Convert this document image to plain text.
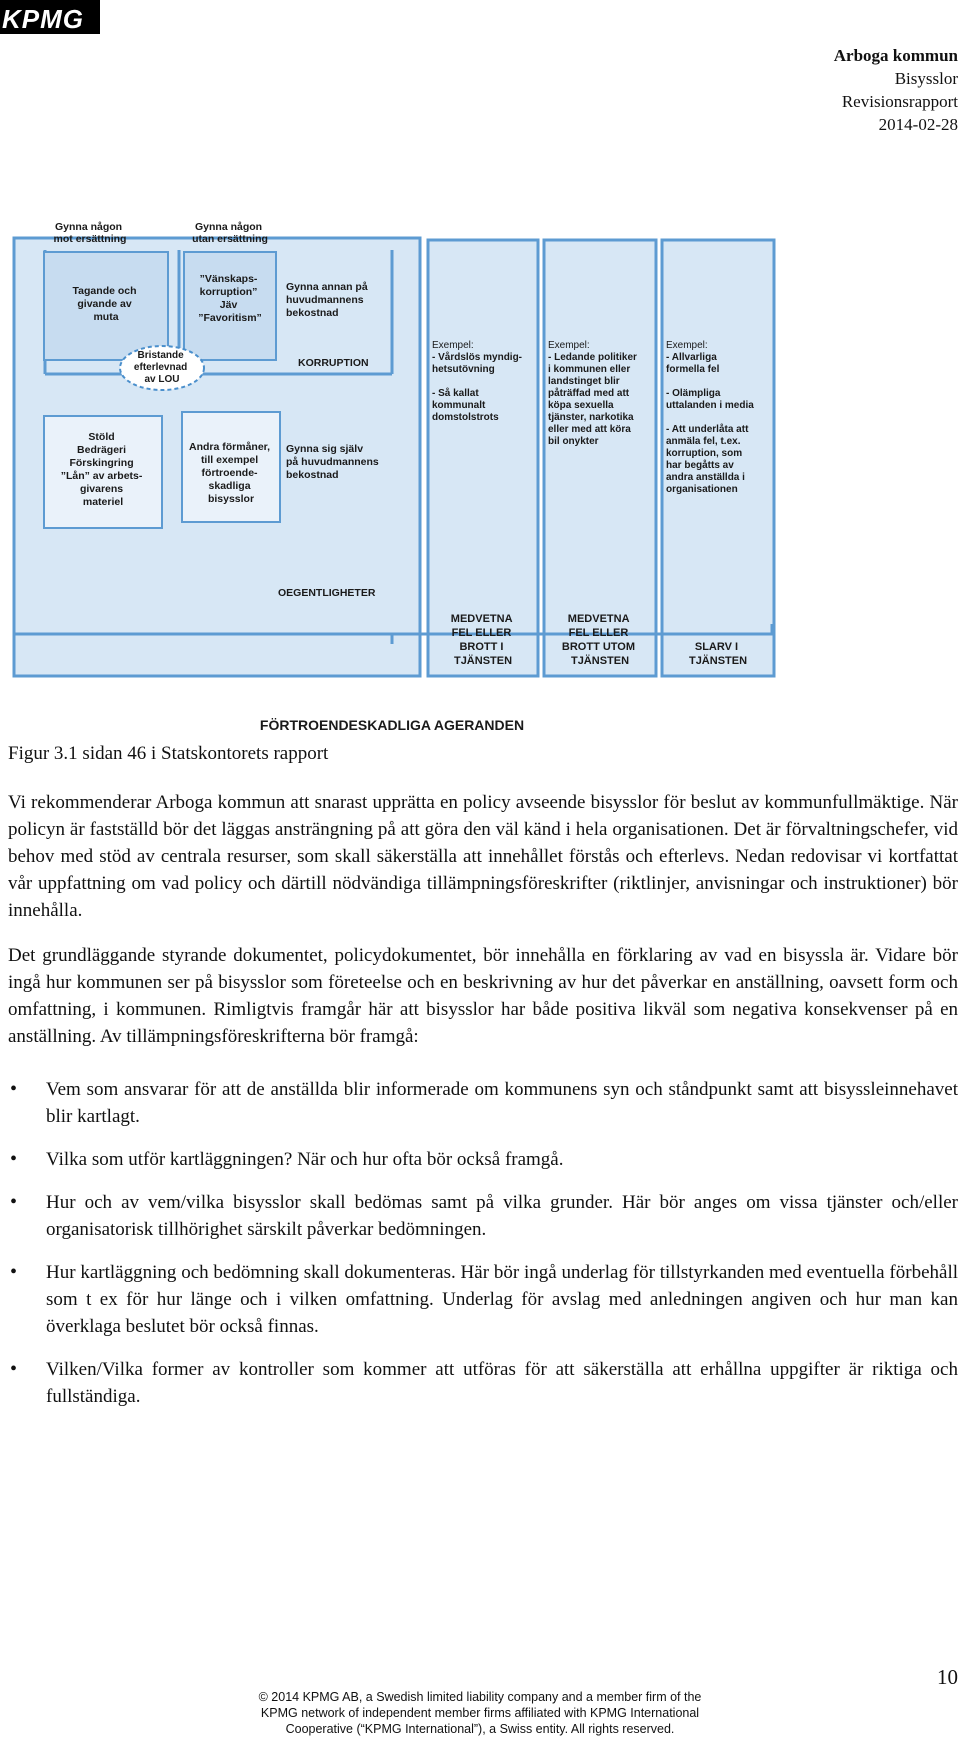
KPMG
Arboga kommun
Bisysslor
Revisionsrapport
2014-02-28
Gynna någon mot ersättning
Gynna någon utan ersättning
Tagande och givande av muta
”Vänskaps- korruption” Jäv ”Favoritism”
Gynna annan på huvudmannens bekostnad
KORRUPTION
Bristande efterlevnad av LOU
Stöld Bedrägeri Förskingring ”Lån” av arbets- givarens materiel
Andra förmåner, till exempel förtroende- skadliga bisysslor
Gynna sig själv på huvudmannens bekostnad
OEGENTLIGHETER
Exempel: - Vårdslös myndig- hetsutövning - Så kallat kommunalt domstolstrots
Exempel: - Ledande politiker i kommunen eller landstinget blir påträffad med att köpa sexuella tjänster, narkotika eller med att köra bil onykter
Exempel: - Allvarliga formella fel - Olämpliga uttalanden i media - Att underlåta att anmäla fel, t.ex. korruption, som har begåtts av andra anställda i organisationen
MEDVETNA FEL ELLER BROTT I TJÄNSTEN
MEDVETNA FEL ELLER BROTT UTOM TJÄNSTEN
SLARV I TJÄNSTEN
FÖRTROENDESKADLIGA AGERANDEN
Figur 3.1 sidan 46 i Statskontorets rapport

Vi rekommenderar Arboga kommun att snarast upprätta en policy avseende bisysslor för beslut av kommunfullmäktige. När policyn är fastställd bör det läggas ansträngning på att göra den väl känd i hela organisationen. Det är förvaltningschefer, vid behov med stöd av centrala resurser, som skall säkerställa att innehållet förstås och efterlevs. Nedan redovisar vi kortfattat vår uppfattning om vad policy och därtill nödvändiga tillämpningsföreskrifter (riktlinjer, anvisningar och instruktioner) bör innehålla.

Det grundläggande styrande dokumentet, policydokumentet, bör innehålla en förklaring av vad en bisyssla är. Vidare bör ingå hur kommunen ser på bisysslor som företeelse och en beskrivning av hur det påverkar en anställning, oavsett form och omfattning, i kommunen. Rimligtvis framgår här att bisysslor har både positiva likväl som negativa konsekvenser på en anställning. Av tillämpningsföreskrifterna bör framgå:

• Vem som ansvarar för att de anställda blir informerade om kommunens syn och ståndpunkt samt att bisyssleinnehavet blir kartlagt.
• Vilka som utför kartläggningen? När och hur ofta bör också framgå.
• Hur och av vem/vilka bisysslor skall bedömas samt på vilka grunder. Här bör anges om vissa tjänster och/eller organisatorisk tillhörighet särskilt påverkar bedömningen.
• Hur kartläggning och bedömning skall dokumenteras. Här bör ingå underlag för tillstyrkanden med eventuella förbehåll som t ex för hur länge och i vilken omfattning. Underlag för avslag med anledningen angiven och hur man kan överklaga beslutet bör också finnas.
• Vilken/Vilka former av kontroller som kommer att utföras för att säkerställa att erhållna uppgifter är riktiga och fullständiga.
10
© 2014 KPMG AB, a Swedish limited liability company and a member firm of the
KPMG network of independent member firms affiliated with KPMG International
Cooperative (“KPMG International”), a Swiss entity. All rights reserved.
